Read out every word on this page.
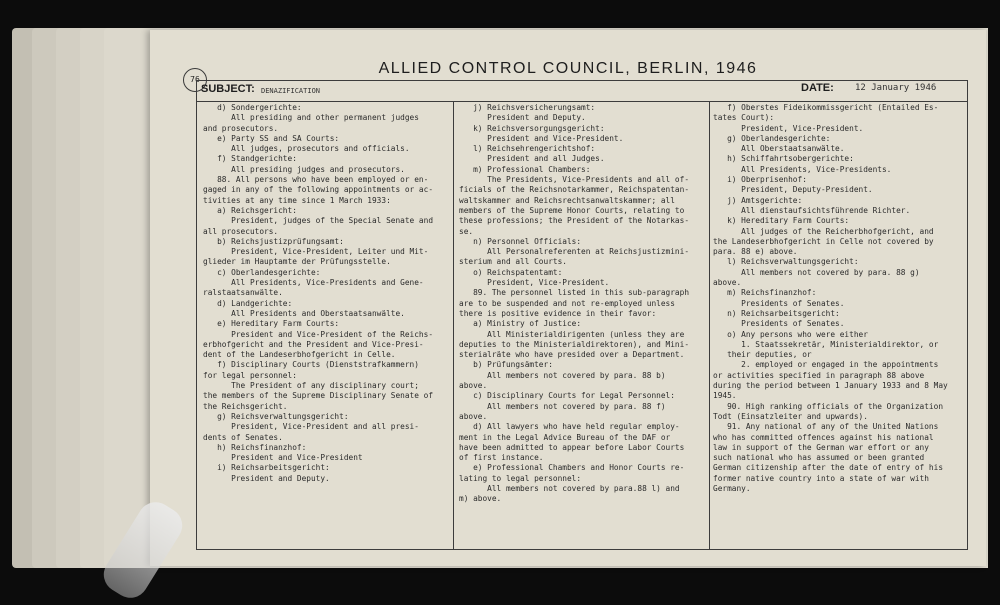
76
ALLIED CONTROL COUNCIL, BERLIN, 1946
SUBJECT: DENAZIFICATION	DATE: 12 January 1946
d) Sondergerichte:
All presiding and other permanent judges
and prosecutors.
e) Party SS and SA Courts:
All judges, prosecutors and officials.
f) Standgerichte:
All presiding judges and prosecutors.
88. All persons who have been employed or en-
gaged in any of the following appointments or ac-
tivities at any time since 1 March 1933:
a) Reichsgericht:
President, judges of the Special Senate and
all prosecutors.
b) Reichsjustizprüfungsamt:
President, Vice-President, Leiter und Mit-
glieder im Hauptamte der Prüfungsstelle.
c) Oberlandesgerichte:
All Presidents, Vice-Presidents and Gene-
ralstaatsanwälte.
d) Landgerichte:
All Presidents and Oberstaatsanwälte.
e) Hereditary Farm Courts:
President and Vice-President of the Reichs-
erbhofgericht and the President and Vice-Presi-
dent of the Landeserbhofgericht in Celle.
f) Disciplinary Courts (Dienststrafkammern)
for legal personnel:
The President of any disciplinary court;
the members of the Supreme Disciplinary Senate of
the Reichsgericht.
g) Reichsverwaltungsgericht:
President, Vice-President and all presi-
dents of Senates.
h) Reichsfinanzhof:
President and Vice-President
i) Reichsarbeitsgericht:
President and Deputy.
j) Reichsversicherungsamt:
President and Deputy.
k) Reichsversorgungsgericht:
President and Vice-President.
l) Reichsehrengerichtshof:
President and all Judges.
m) Professional Chambers:
The Presidents, Vice-Presidents and all of-
ficials of the Reichsnotarkammer, Reichspatentan-
waltskammer and Reichsrechtsanwaltskammer; all
members of the Supreme Honor Courts, relating to
these professions; the President of the Notarkas-
se.
n) Personnel Officials:
All Personalreferenten at Reichsjustizmini-
sterium and all Courts.
o) Reichspatentamt:
President, Vice-President.
89. The personnel listed in this sub-paragraph
are to be suspended and not re-employed unless
there is positive evidence in their favor:
a) Ministry of Justice:
All Ministerialdirigenten (unless they are
deputies to the Ministerialdirektoren), and Mini-
sterialräte who have presided over a Department.
b) Prüfungsämter:
All members not covered by para. 88 b)
above.
c) Disciplinary Courts for Legal Personnel:
All members not covered by para. 88 f)
above.
d) All lawyers who have held regular employ-
ment in the Legal Advice Bureau of the DAF or
have been admitted to appear before Labor Courts
of first instance.
e) Professional Chambers and Honor Courts re-
lating to legal personnel:
All members not covered by para.88 l) and
m) above.
f) Oberstes Fideikommissgericht (Entailed Es-
tates Court):
President, Vice-President.
g) Oberlandesgerichte:
All Oberstaatsanwälte.
h) Schiffahrtsobergerichte:
All Presidents, Vice-Presidents.
i) Oberprisenhof:
President, Deputy-President.
j) Amtsgerichte:
All dienstaufsichtsführende Richter.
k) Hereditary Farm Courts:
All judges of the Reicherbhofgericht, and
the Landeserbhofgericht in Celle not covered by
para. 88 e) above.
l) Reichsverwaltungsgericht:
All members not covered by para. 88 g)
above.
m) Reichsfinanzhof:
Presidents of Senates.
n) Reichsarbeitsgericht:
Presidents of Senates.
o) Any persons who were either
1. Staatssekretär, Ministerialdirektor, or
their deputies, or
2. employed or engaged in the appointments
or activities specified in paragraph 88 above
during the period between 1 January 1933 and 8 May
1945.
90. High ranking officials of the Organization
Todt (Einsatzleiter and upwards).
91. Any national of any of the United Nations
who has committed offences against his national
law in support of the German war effort or any
such national who has assumed or been granted
German citizenship after the date of entry of his
former native country into a state of war with
Germany.
